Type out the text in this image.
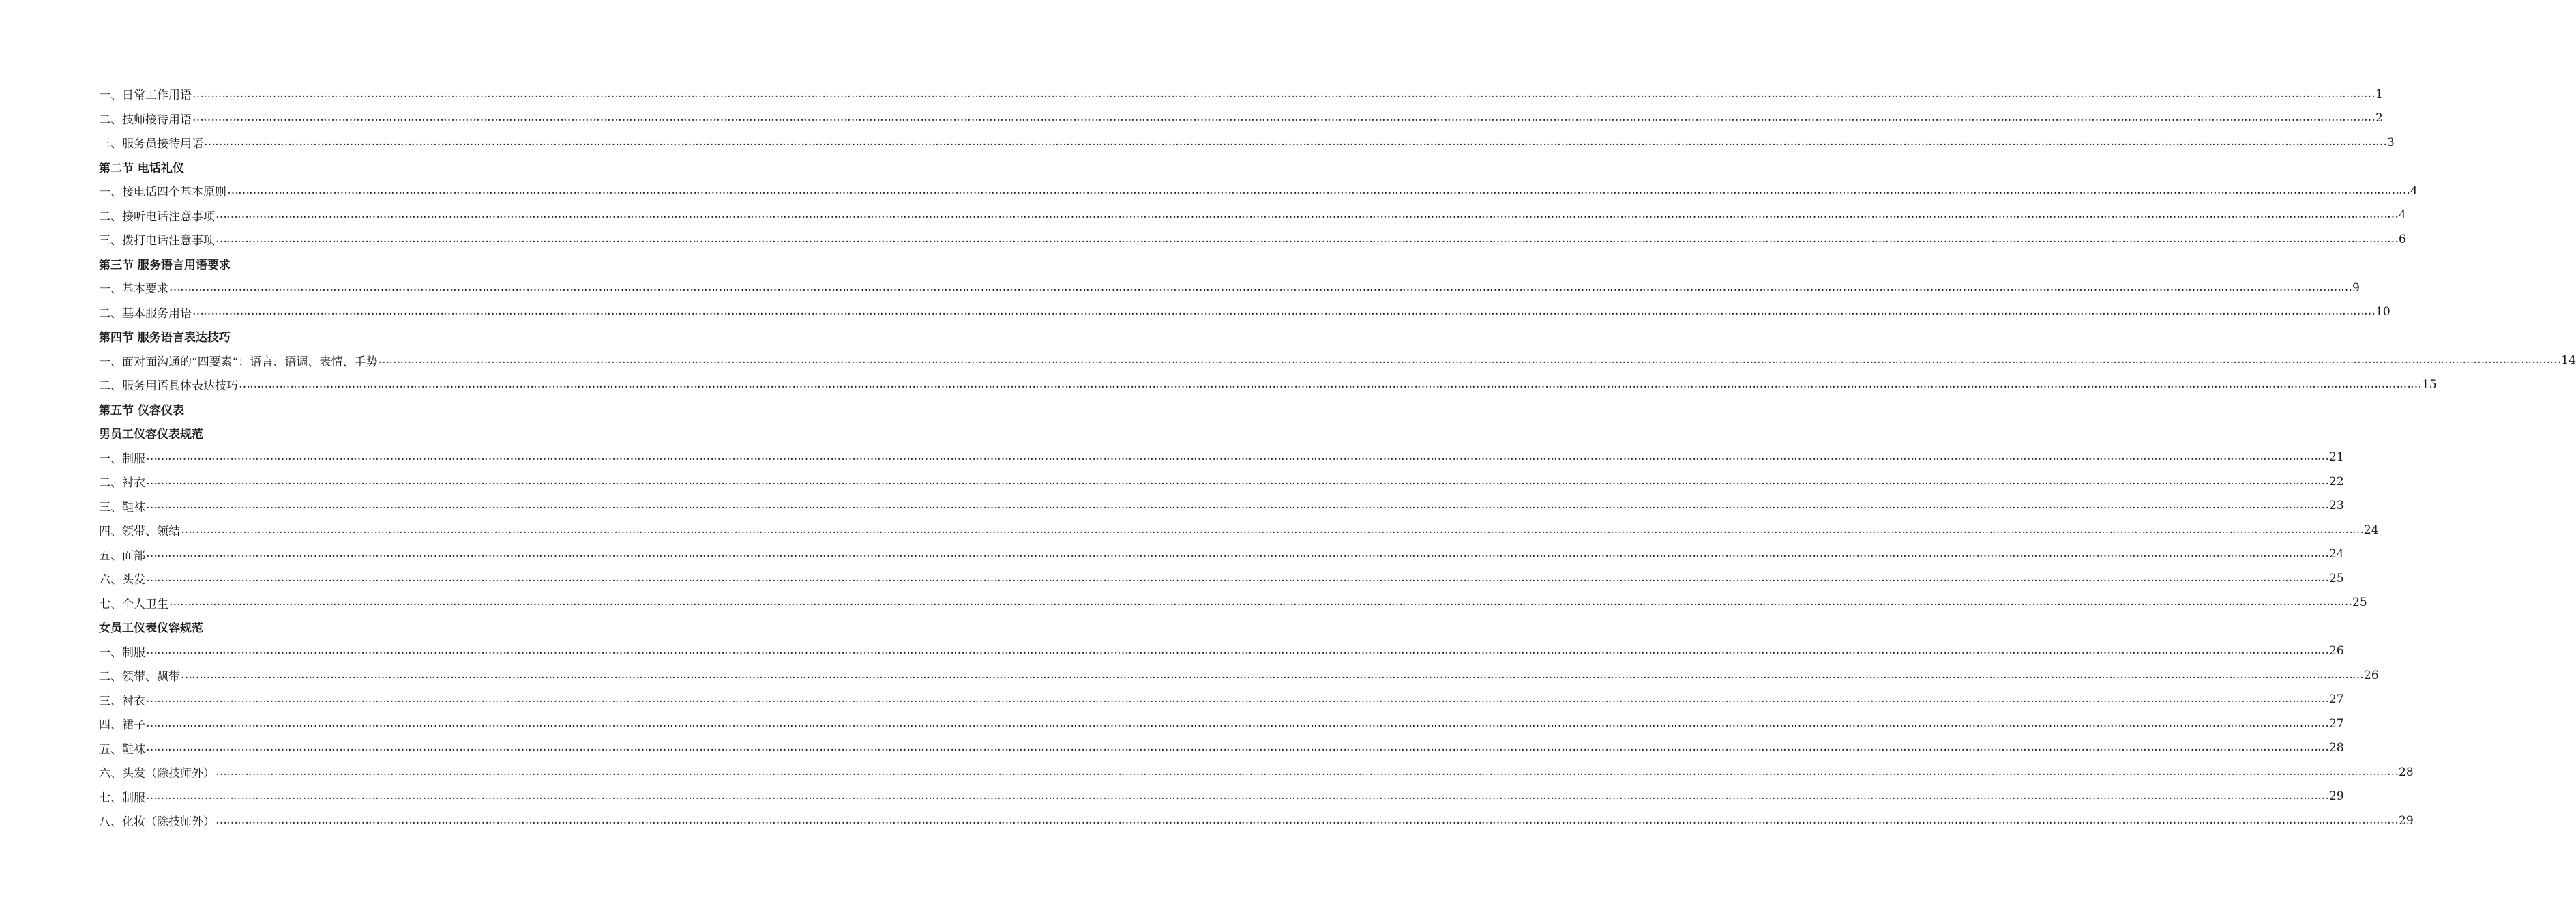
一、日常工作用语 …………………………………………………………………………………………………………………………………………………………………………………………………………………………………………………………………………………………………………………………………………………………………………………………………………………………………………………………………………………………………………………………………………………… 1
二、技师接待用语 …………………………………………………………………………………………………………………………………………………………………………………………………………………………………………………………………………………………………………………………………………………………………………………………………………………………………………………………………………………………………………………………………………………… 2
三、服务员接待用语 …………………………………………………………………………………………………………………………………………………………………………………………………………………………………………………………………………………………………………………………………………………………………………………………………………………………………………………………………………………………………………………………………………………… 3
第二节 电话礼仪
一、接电话四个基本原则 …………………………………………………………………………………………………………………………………………………………………………………………………………………………………………………………………………………………………………………………………………………………………………………………………………………………………………………………………………………………………………………………………………………… 4
二、接听电话注意事项 …………………………………………………………………………………………………………………………………………………………………………………………………………………………………………………………………………………………………………………………………………………………………………………………………………………………………………………………………………………………………………………………………………………… 4
三、拨打电话注意事项 …………………………………………………………………………………………………………………………………………………………………………………………………………………………………………………………………………………………………………………………………………………………………………………………………………………………………………………………………………………………………………………………………………………… 6
第三节 服务语言用语要求
一、基本要求 …………………………………………………………………………………………………………………………………………………………………………………………………………………………………………………………………………………………………………………………………………………………………………………………………………………………………………………………………………………………………………………………………………………… 9
二、基本服务用语 …………………………………………………………………………………………………………………………………………………………………………………………………………………………………………………………………………………………………………………………………………………………………………………………………………………………………………………………………………………………………………………………………………………… 10
第四节 服务语言表达技巧
一、面对面沟通的“四要素”：语言、语调、表情、手势 …………………………………………………………………………………………………………………………………………………………………………………………………………………………………………………………………………………………………………………………………………………………………………………………………………………………………………………………………………………………………………………………………………………… 14
二、服务用语具体表达技巧 …………………………………………………………………………………………………………………………………………………………………………………………………………………………………………………………………………………………………………………………………………………………………………………………………………………………………………………………………………………………………………………………………………………… 15
第五节 仪容仪表
男员工仪容仪表规范
一、制服 …………………………………………………………………………………………………………………………………………………………………………………………………………………………………………………………………………………………………………………………………………………………………………………………………………………………………………………………………………………………………………………………………………………… 21
二、衬衣 …………………………………………………………………………………………………………………………………………………………………………………………………………………………………………………………………………………………………………………………………………………………………………………………………………………………………………………………………………………………………………………………………………………… 22
三、鞋袜 …………………………………………………………………………………………………………………………………………………………………………………………………………………………………………………………………………………………………………………………………………………………………………………………………………………………………………………………………………………………………………………………………………………… 23
四、领带、领结 …………………………………………………………………………………………………………………………………………………………………………………………………………………………………………………………………………………………………………………………………………………………………………………………………………………………………………………………………………………………………………………………………………………… 24
五、面部 …………………………………………………………………………………………………………………………………………………………………………………………………………………………………………………………………………………………………………………………………………………………………………………………………………………………………………………………………………………………………………………………………………………… 24
六、头发 …………………………………………………………………………………………………………………………………………………………………………………………………………………………………………………………………………………………………………………………………………………………………………………………………………………………………………………………………………………………………………………………………………………… 25
七、个人卫生 …………………………………………………………………………………………………………………………………………………………………………………………………………………………………………………………………………………………………………………………………………………………………………………………………………………………………………………………………………………………………………………………………………………… 25
女员工仪表仪容规范
一、制服 …………………………………………………………………………………………………………………………………………………………………………………………………………………………………………………………………………………………………………………………………………………………………………………………………………………………………………………………………………………………………………………………………………………… 26
二、领带、飘带 …………………………………………………………………………………………………………………………………………………………………………………………………………………………………………………………………………………………………………………………………………………………………………………………………………………………………………………………………………………………………………………………………………………… 26
三、衬衣 …………………………………………………………………………………………………………………………………………………………………………………………………………………………………………………………………………………………………………………………………………………………………………………………………………………………………………………………………………………………………………………………………………………… 27
四、裙子 …………………………………………………………………………………………………………………………………………………………………………………………………………………………………………………………………………………………………………………………………………………………………………………………………………………………………………………………………………………………………………………………………………………… 27
五、鞋袜 …………………………………………………………………………………………………………………………………………………………………………………………………………………………………………………………………………………………………………………………………………………………………………………………………………………………………………………………………………………………………………………………………………………… 28
六、头发（除技师外） …………………………………………………………………………………………………………………………………………………………………………………………………………………………………………………………………………………………………………………………………………………………………………………………………………………………………………………………………………………………………………………………………………………… 28
七、制服 …………………………………………………………………………………………………………………………………………………………………………………………………………………………………………………………………………………………………………………………………………………………………………………………………………………………………………………………………………………………………………………………………………………… 29
八、化妆（除技师外） …………………………………………………………………………………………………………………………………………………………………………………………………………………………………………………………………………………………………………………………………………………………………………………………………………………………………………………………………………………………………………………………………………………… 29
